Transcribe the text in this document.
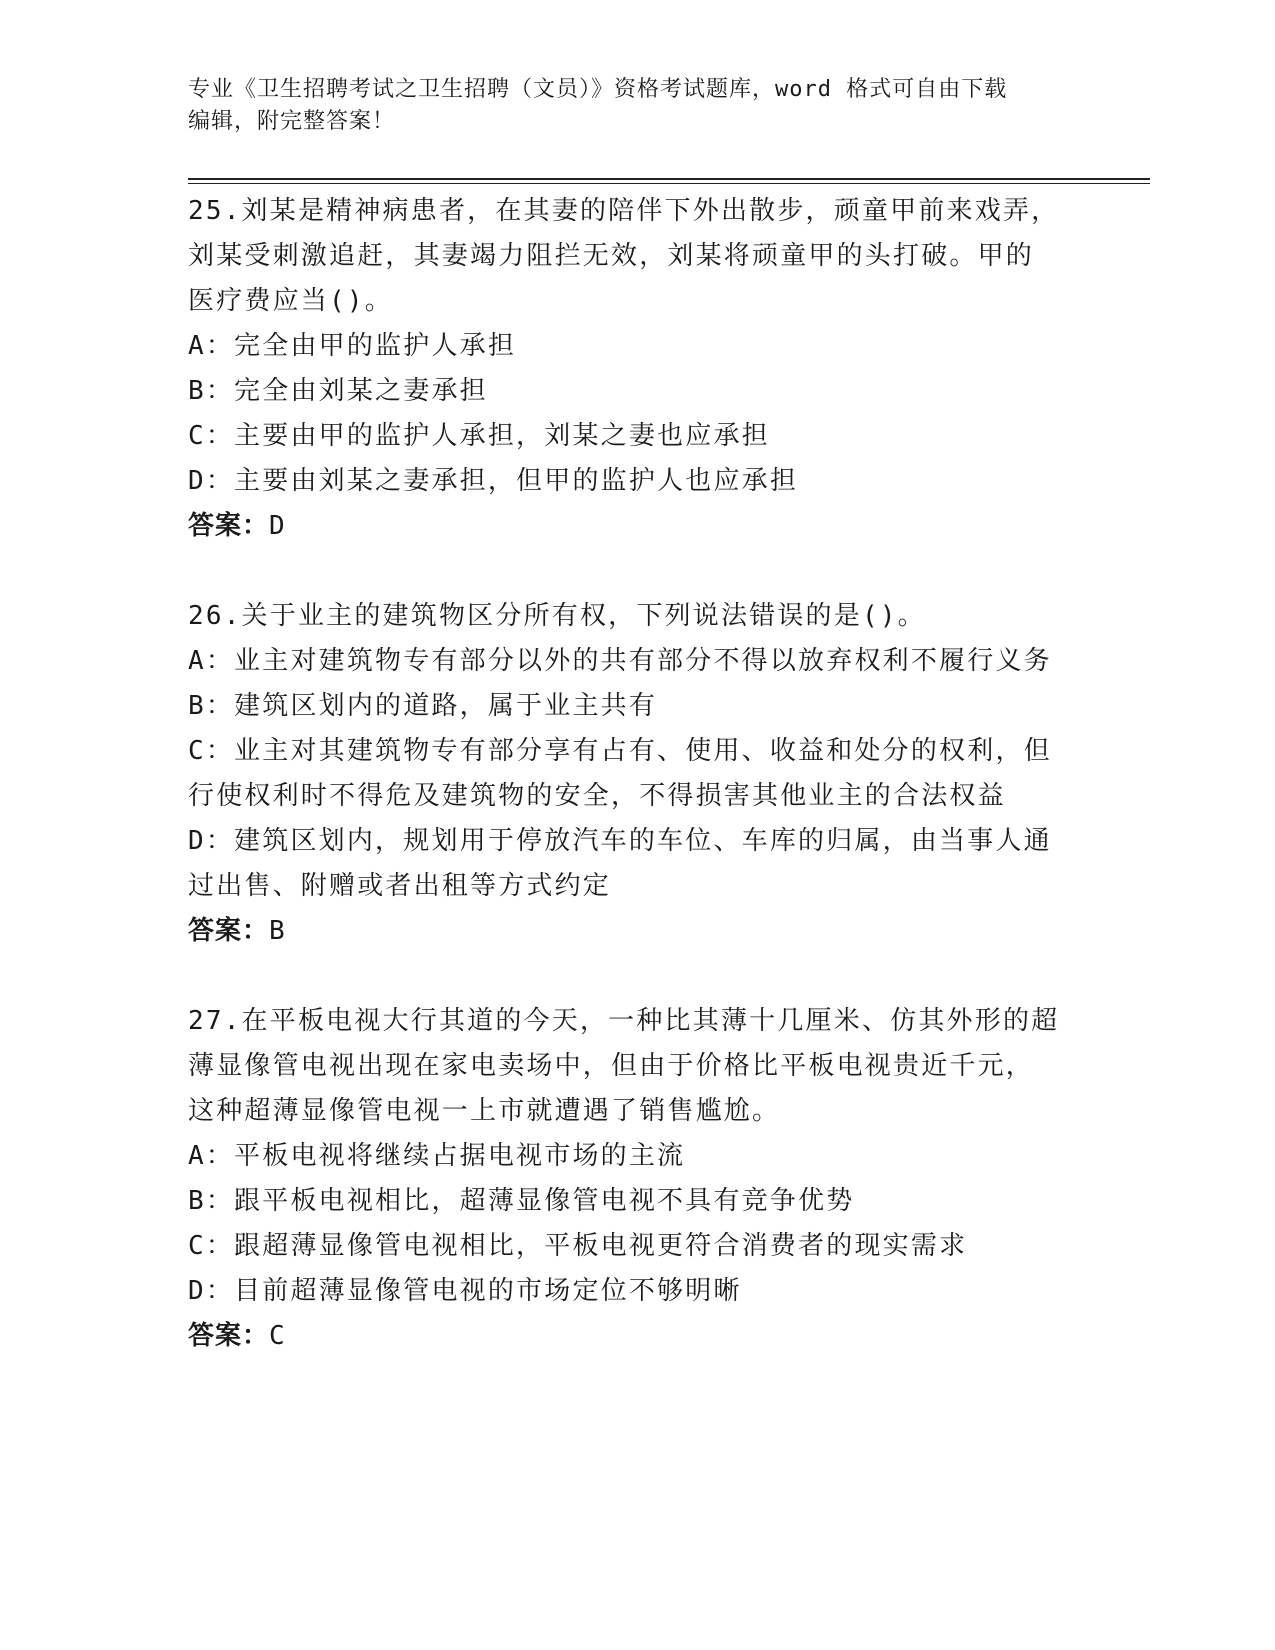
专业《卫生招聘考试之卫生招聘（文员）》资格考试题库，word 格式可自由下载
编辑，附完整答案！
25.刘某是精神病患者，在其妻的陪伴下外出散步，顽童甲前来戏弄，
刘某受刺激追赶，其妻竭力阻拦无效，刘某将顽童甲的头打破。甲的
医疗费应当()。
A：完全由甲的监护人承担
B：完全由刘某之妻承担
C：主要由甲的监护人承担，刘某之妻也应承担
D：主要由刘某之妻承担，但甲的监护人也应承担
答案：D
26.关于业主的建筑物区分所有权，下列说法错误的是()。
A：业主对建筑物专有部分以外的共有部分不得以放弃权利不履行义务
B：建筑区划内的道路，属于业主共有
C：业主对其建筑物专有部分享有占有、使用、收益和处分的权利，但
行使权利时不得危及建筑物的安全，不得损害其他业主的合法权益
D：建筑区划内，规划用于停放汽车的车位、车库的归属，由当事人通
过出售、附赠或者出租等方式约定
答案：B
27.在平板电视大行其道的今天，一种比其薄十几厘米、仿其外形的超
薄显像管电视出现在家电卖场中，但由于价格比平板电视贵近千元，
这种超薄显像管电视一上市就遭遇了销售尴尬。
A：平板电视将继续占据电视市场的主流
B：跟平板电视相比，超薄显像管电视不具有竞争优势
C：跟超薄显像管电视相比，平板电视更符合消费者的现实需求
D：目前超薄显像管电视的市场定位不够明晰
答案：C
